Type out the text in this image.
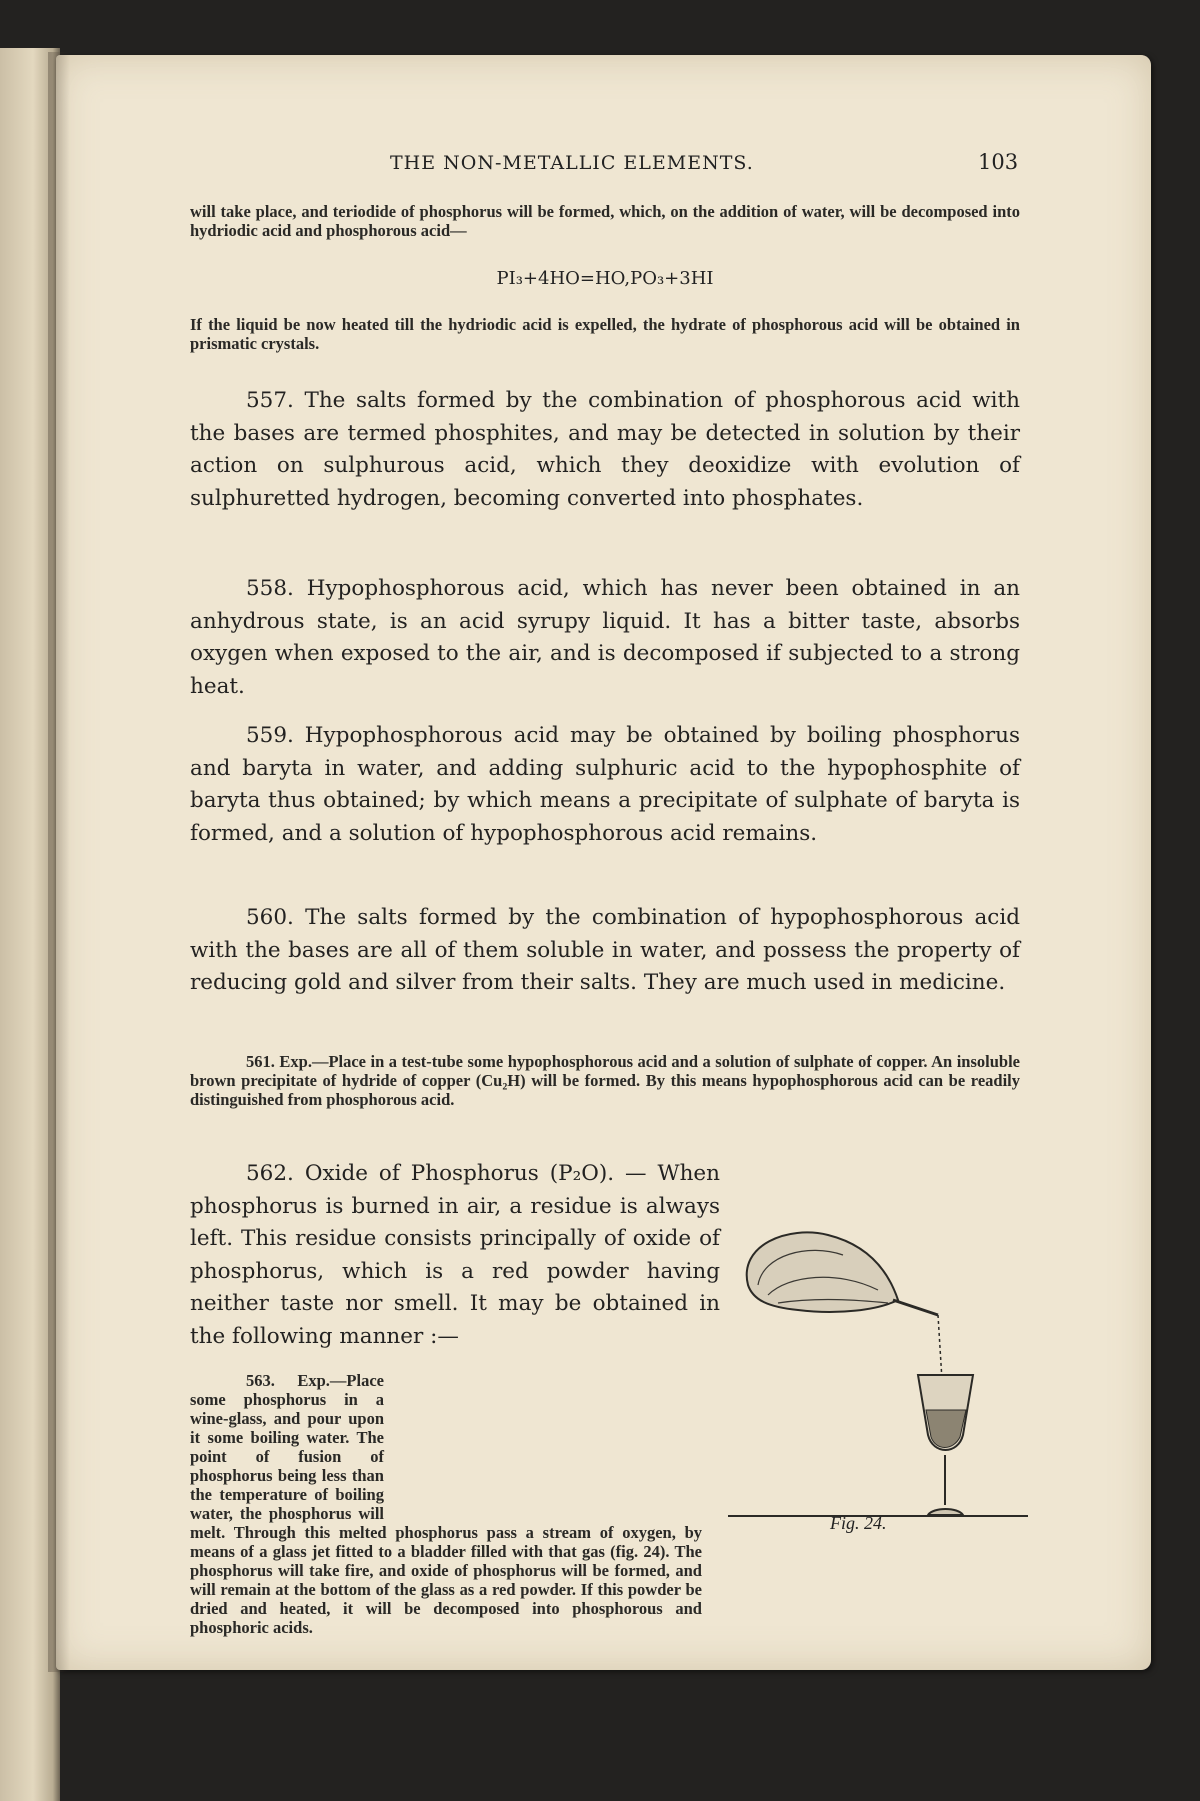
THE NON-METALLIC ELEMENTS.	103

will take place, and teriodide of phosphorus will be formed, which, on the addition of water, will be decomposed into hydriodic acid and phosphorous acid—

PI₃+4HO=HO,PO₃+3HI

If the liquid be now heated till the hydriodic acid is expelled, the hydrate of phosphorous acid will be obtained in prismatic crystals.

557. The salts formed by the combination of phosphorous acid with the bases are termed phosphites, and may be detected in solution by their action on sulphurous acid, which they deoxidize with evolution of sulphuretted hydrogen, becoming converted into phosphates.

558. Hypophosphorous acid, which has never been obtained in an anhydrous state, is an acid syrupy liquid. It has a bitter taste, absorbs oxygen when exposed to the air, and is decomposed if subjected to a strong heat.

559. Hypophosphorous acid may be obtained by boiling phosphorus and baryta in water, and adding sulphuric acid to the hypophosphite of baryta thus obtained; by which means a precipitate of sulphate of baryta is formed, and a solution of hypophosphorous acid remains.

560. The salts formed by the combination of hypophosphorous acid with the bases are all of them soluble in water, and possess the property of reducing gold and silver from their salts. They are much used in medicine.

561. Exp.—Place in a test-tube some hypophosphorous acid and a solution of sulphate of copper. An insoluble brown precipitate of hydride of copper (Cu₂H) will be formed. By this means hypophosphorous acid can be readily distinguished from phosphorous acid.

562. Oxide of Phosphorus (P₂O). — When phosphorus is burned in air, a residue is always left. This residue consists principally of oxide of phosphorus, which is a red powder having neither taste nor smell. It may be obtained in the following manner :—

Fig. 24.

563. Exp.—Place some phosphorus in a wine-glass, and pour upon it some boiling water. The point of fusion of phosphorus being less than the temperature of boiling water, the phosphorus will melt. Through this melted phosphorus pass a stream of oxygen, by means of a glass jet fitted to a bladder filled with that gas (fig. 24). The phosphorus will take fire, and oxide of phosphorus will be formed, and will remain at the bottom of the glass as a red powder. If this powder be dried and heated, it will be decomposed into phosphorous and phosphoric acids.
